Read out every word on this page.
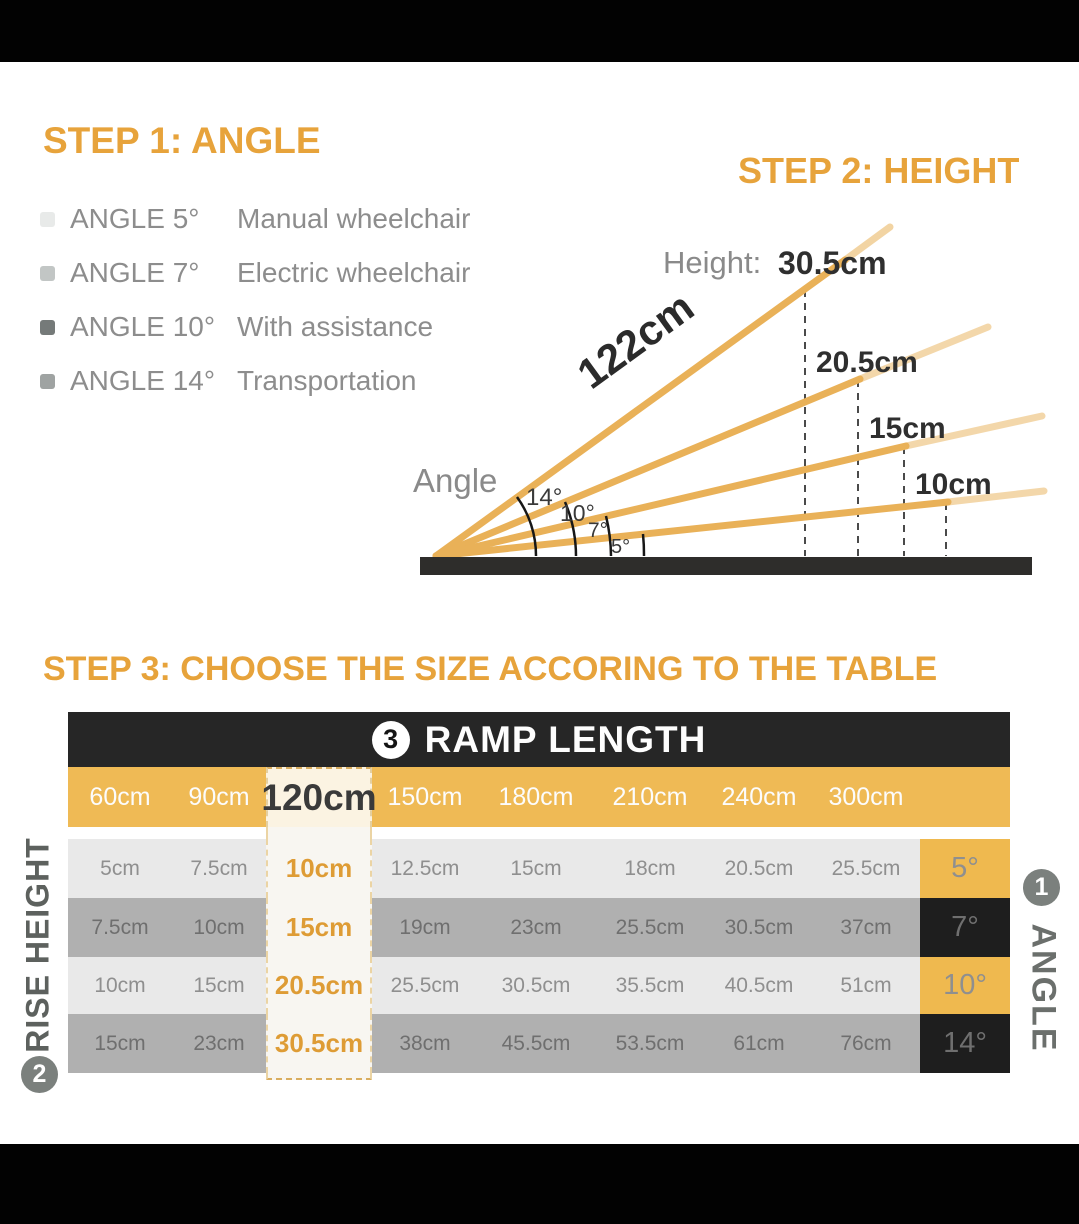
STEP 1: ANGLE
ANGLE 5°	Manual wheelchair
ANGLE 7°	Electric wheelchair
ANGLE 10° With assistance
ANGLE 14° Transportation
STEP 2: HEIGHT
Angle
122cm
Height: 30.5cm
20.5cm
15cm
10cm
14°
10°
7°
5°
STEP 3: CHOOSE THE SIZE ACCORING TO THE TABLE
3 RAMP LENGTH
60cm	90cm 120cm 150cm	180cm	210cm	240cm	300cm
5cm	7.5cm	10cm	12.5cm	15cm	18cm	20.5cm	25.5cm	5°
7.5cm	10cm	15cm	19cm	23cm	25.5cm	30.5cm	37cm	7°
10cm	15cm	20.5cm	25.5cm	30.5cm	35.5cm	40.5cm	51cm	10°
15cm	23cm	30.5cm	38cm	45.5cm	53.5cm	61cm	76cm	14°
RISE HEIGHT
2
ANGLE
1
